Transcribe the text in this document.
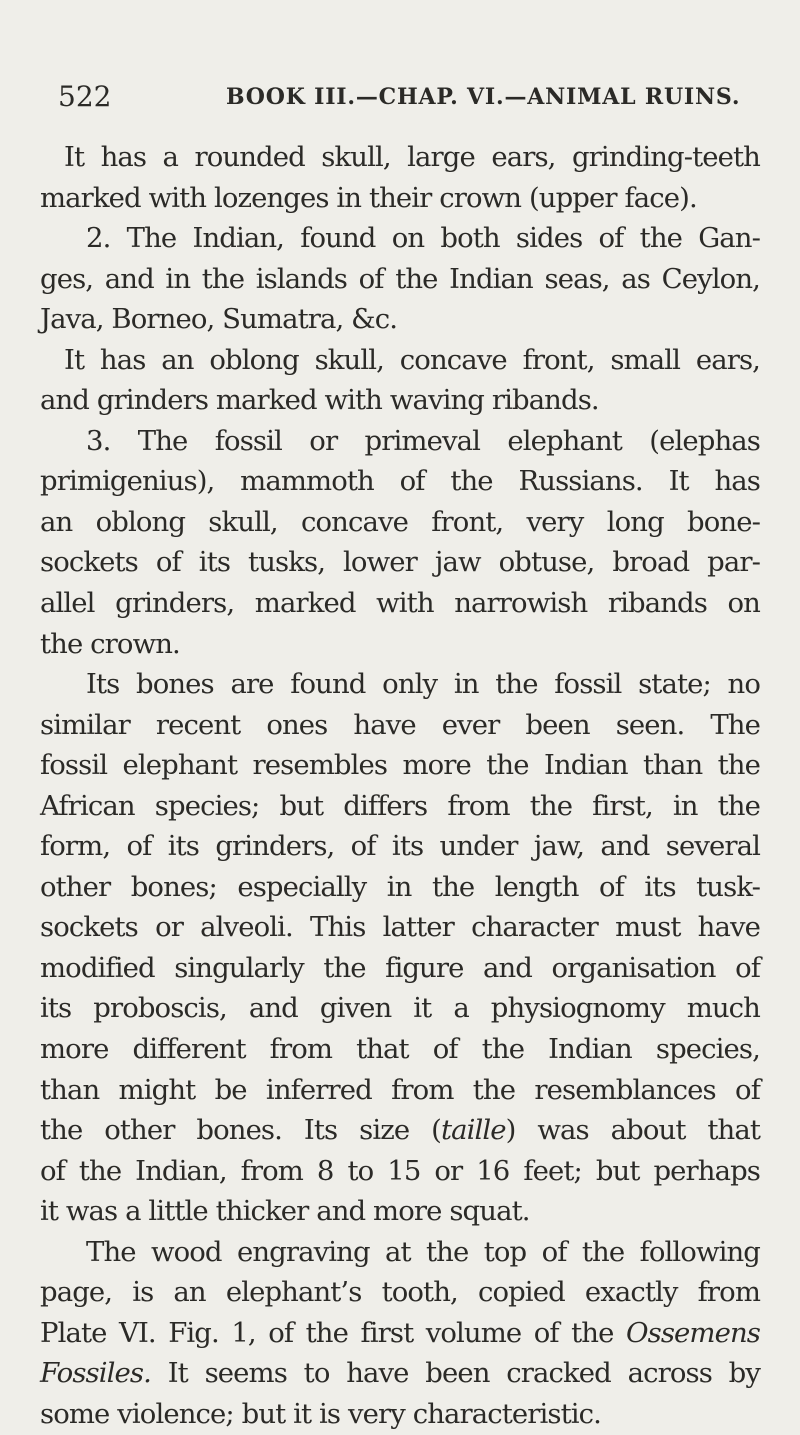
522	BOOK III.—CHAP. VI.—ANIMAL RUINS.
It has a rounded skull, large ears, grinding-teeth
marked with lozenges in their crown (upper face).
2. The Indian, found on both sides of the Gan-
ges, and in the islands of the Indian seas, as Ceylon,
Java, Borneo, Sumatra, &c.
It has an oblong skull, concave front, small ears,
and grinders marked with waving ribands.
3. The fossil or primeval elephant (elephas
primigenius), mammoth of the Russians. It has
an oblong skull, concave front, very long bone-
sockets of its tusks, lower jaw obtuse, broad par-
allel grinders, marked with narrowish ribands on
the crown.
Its bones are found only in the fossil state; no
similar recent ones have ever been seen. The
fossil elephant resembles more the Indian than the
African species; but differs from the first, in the
form, of its grinders, of its under jaw, and several
other bones; especially in the length of its tusk-
sockets or alveoli. This latter character must have
modified singularly the figure and organisation of
its proboscis, and given it a physiognomy much
more different from that of the Indian species,
than might be inferred from the resemblances of
the other bones. Its size (taille) was about that
of the Indian, from 8 to 15 or 16 feet; but perhaps
it was a little thicker and more squat.
The wood engraving at the top of the following
page, is an elephant’s tooth, copied exactly from
Plate VI. Fig. 1, of the first volume of the Ossemens
Fossiles. It seems to have been cracked across by
some violence; but it is very characteristic.
